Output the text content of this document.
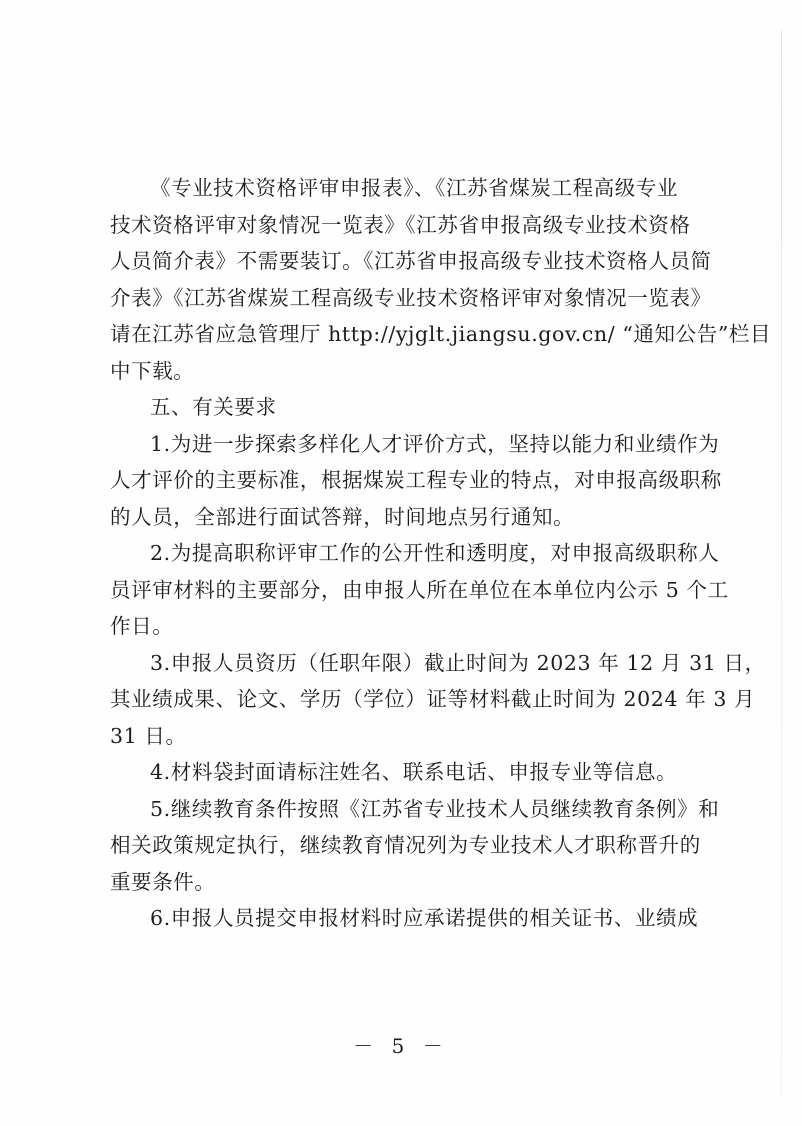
《专业技术资格评审申报表》、《江苏省煤炭工程高级专业
技术资格评审对象情况一览表》《江苏省申报高级专业技术资格
人员简介表》不需要装订。《江苏省申报高级专业技术资格人员简
介表》《江苏省煤炭工程高级专业技术资格评审对象情况一览表》
请在江苏省应急管理厅 http://yjglt.jiangsu.gov.cn/ “通知公告”栏目
中下载。
五、有关要求
1.为进一步探索多样化人才评价方式，坚持以能力和业绩作为
人才评价的主要标准，根据煤炭工程专业的特点，对申报高级职称
的人员，全部进行面试答辩，时间地点另行通知。
2.为提高职称评审工作的公开性和透明度，对申报高级职称人
员评审材料的主要部分，由申报人所在单位在本单位内公示 5 个工
作日。
3.申报人员资历（任职年限）截止时间为 2023 年 12 月 31 日，
其业绩成果、论文、学历（学位）证等材料截止时间为 2024 年 3 月
31 日。
4.材料袋封面请标注姓名、联系电话、申报专业等信息。
5.继续教育条件按照《江苏省专业技术人员继续教育条例》和
相关政策规定执行，继续教育情况列为专业技术人才职称晋升的
重要条件。
6.申报人员提交申报材料时应承诺提供的相关证书、业绩成
－ 5 －
